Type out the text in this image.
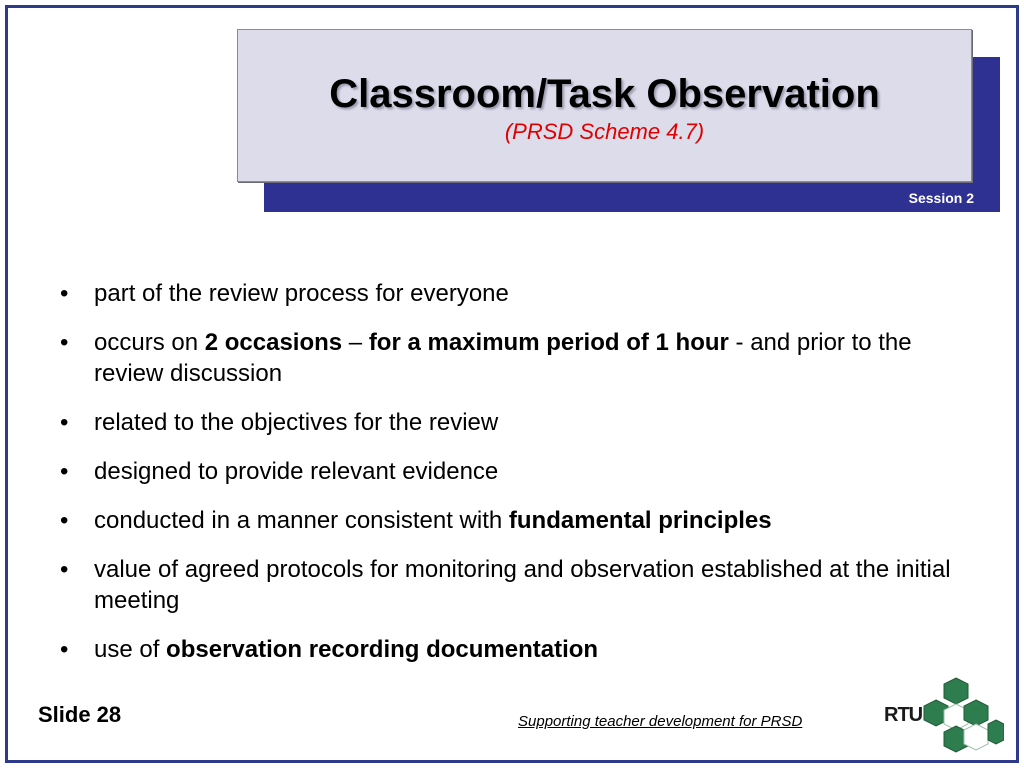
Session 2
Classroom/Task Observation
(PRSD Scheme 4.7)
• part of the review process for everyone
• occurs on 2 occasions – for a maximum period of 1 hour - and prior to the review discussion
• related to the objectives for the review
• designed to provide relevant evidence
• conducted in a manner consistent with fundamental principles
• value of agreed protocols for monitoring and observation established at the initial meeting
• use of observation recording documentation
Slide 28	Supporting teacher development for PRSD	RTU
